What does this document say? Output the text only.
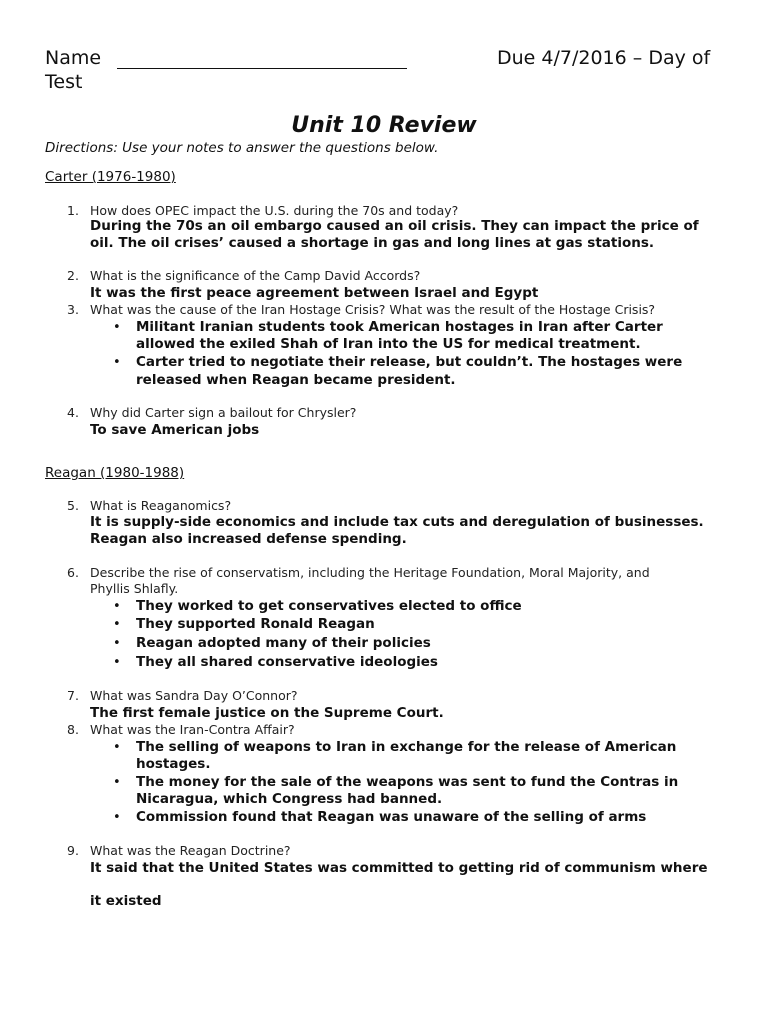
Name	Due 4/7/2016 – Day of
Test
Unit 10 Review
Directions: Use your notes to answer the questions below.
Carter (1976-1980)
1. How does OPEC impact the U.S. during the 70s and today?
During the 70s an oil embargo caused an oil crisis. They can impact the price of
oil. The oil crises’ caused a shortage in gas and long lines at gas stations.
2. What is the significance of the Camp David Accords?
It was the first peace agreement between Israel and Egypt
3. What was the cause of the Iran Hostage Crisis? What was the result of the Hostage Crisis?
• Militant Iranian students took American hostages in Iran after Carter
allowed the exiled Shah of Iran into the US for medical treatment.
• Carter tried to negotiate their release, but couldn’t. The hostages were
released when Reagan became president.
4. Why did Carter sign a bailout for Chrysler?
To save American jobs
Reagan (1980-1988)
5. What is Reaganomics?
It is supply-side economics and include tax cuts and deregulation of businesses.
Reagan also increased defense spending.
6. Describe the rise of conservatism, including the Heritage Foundation, Moral Majority, and
Phyllis Shlafly.
• They worked to get conservatives elected to office
• They supported Ronald Reagan
• Reagan adopted many of their policies
• They all shared conservative ideologies
7. What was Sandra Day O’Connor?
The first female justice on the Supreme Court.
8. What was the Iran-Contra Affair?
• The selling of weapons to Iran in exchange for the release of American
hostages.
• The money for the sale of the weapons was sent to fund the Contras in
Nicaragua, which Congress had banned.
• Commission found that Reagan was unaware of the selling of arms
9. What was the Reagan Doctrine?
It said that the United States was committed to getting rid of communism where
it existed
